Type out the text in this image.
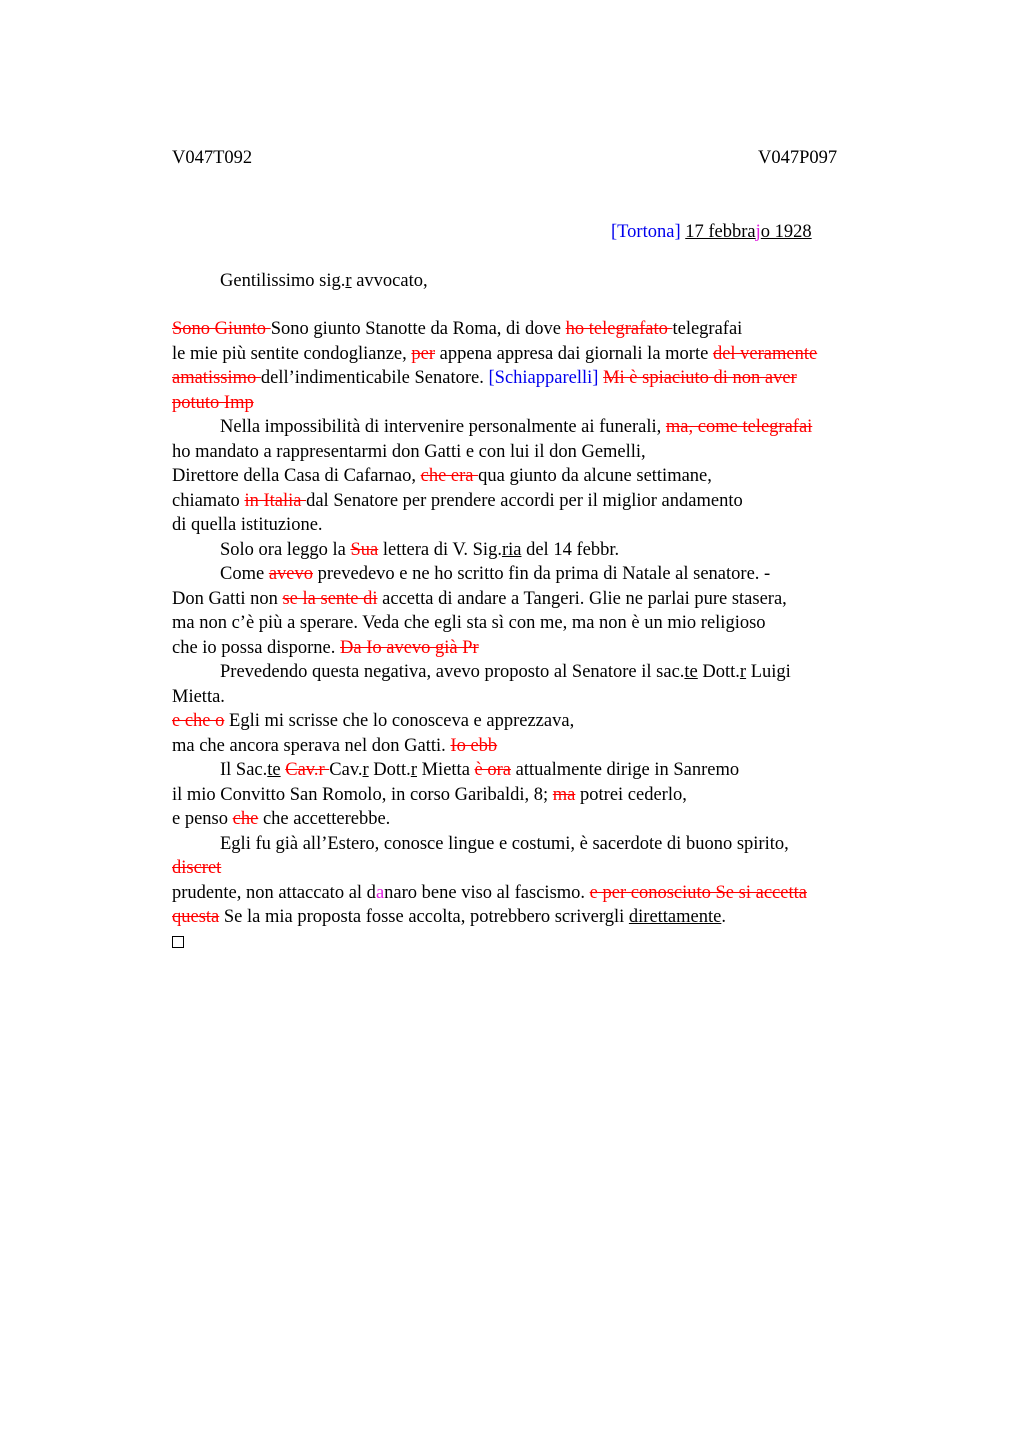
V047T092	V047P097
[Tortona] 17 febbrajo 1928
Gentilissimo sig.r avvocato,
Sono Giunto Sono giunto Stanotte da Roma, di dove ho telegrafato telegrafai
le mie più sentite condoglianze, per appena appresa dai giornali la morte del veramente
amatissimo dell’indimenticabile Senatore. [Schiapparelli] Mi è spiaciuto di non aver
potuto Imp
Nella impossibilità di intervenire personalmente ai funerali, ma, come telegrafai
ho mandato a rappresentarmi don Gatti e con lui il don Gemelli,
Direttore della Casa di Cafarnao, che era qua giunto da alcune settimane,
chiamato in Italia dal Senatore per prendere accordi per il miglior andamento
di quella istituzione.
Solo ora leggo la Sua lettera di V. Sig.ria del 14 febbr.
Come avevo prevedevo e ne ho scritto fin da prima di Natale al senatore. -
Don Gatti non se la sente di accetta di andare a Tangeri. Glie ne parlai pure stasera,
ma non c’è più a sperare. Veda che egli sta sì con me, ma non è un mio religioso
che io possa disporne. Da Io avevo già Pr
Prevedendo questa negativa, avevo proposto al Senatore il sac.te Dott.r Luigi
Mietta.
e che o Egli mi scrisse che lo conosceva e apprezzava,
ma che ancora sperava nel don Gatti. Io ebb
Il Sac.te Cav.r Cav.r Dott.r Mietta è ora attualmente dirige in Sanremo
il mio Convitto San Romolo, in corso Garibaldi, 8; ma potrei cederlo,
e penso che che accetterebbe.
Egli fu già all’Estero, conosce lingue e costumi, è sacerdote di buono spirito,
discret
prudente, non attaccato al danaro bene viso al fascismo. e per conosciuto Se si accetta
questa Se la mia proposta fosse accolta, potrebbero scrivergli direttamente.
